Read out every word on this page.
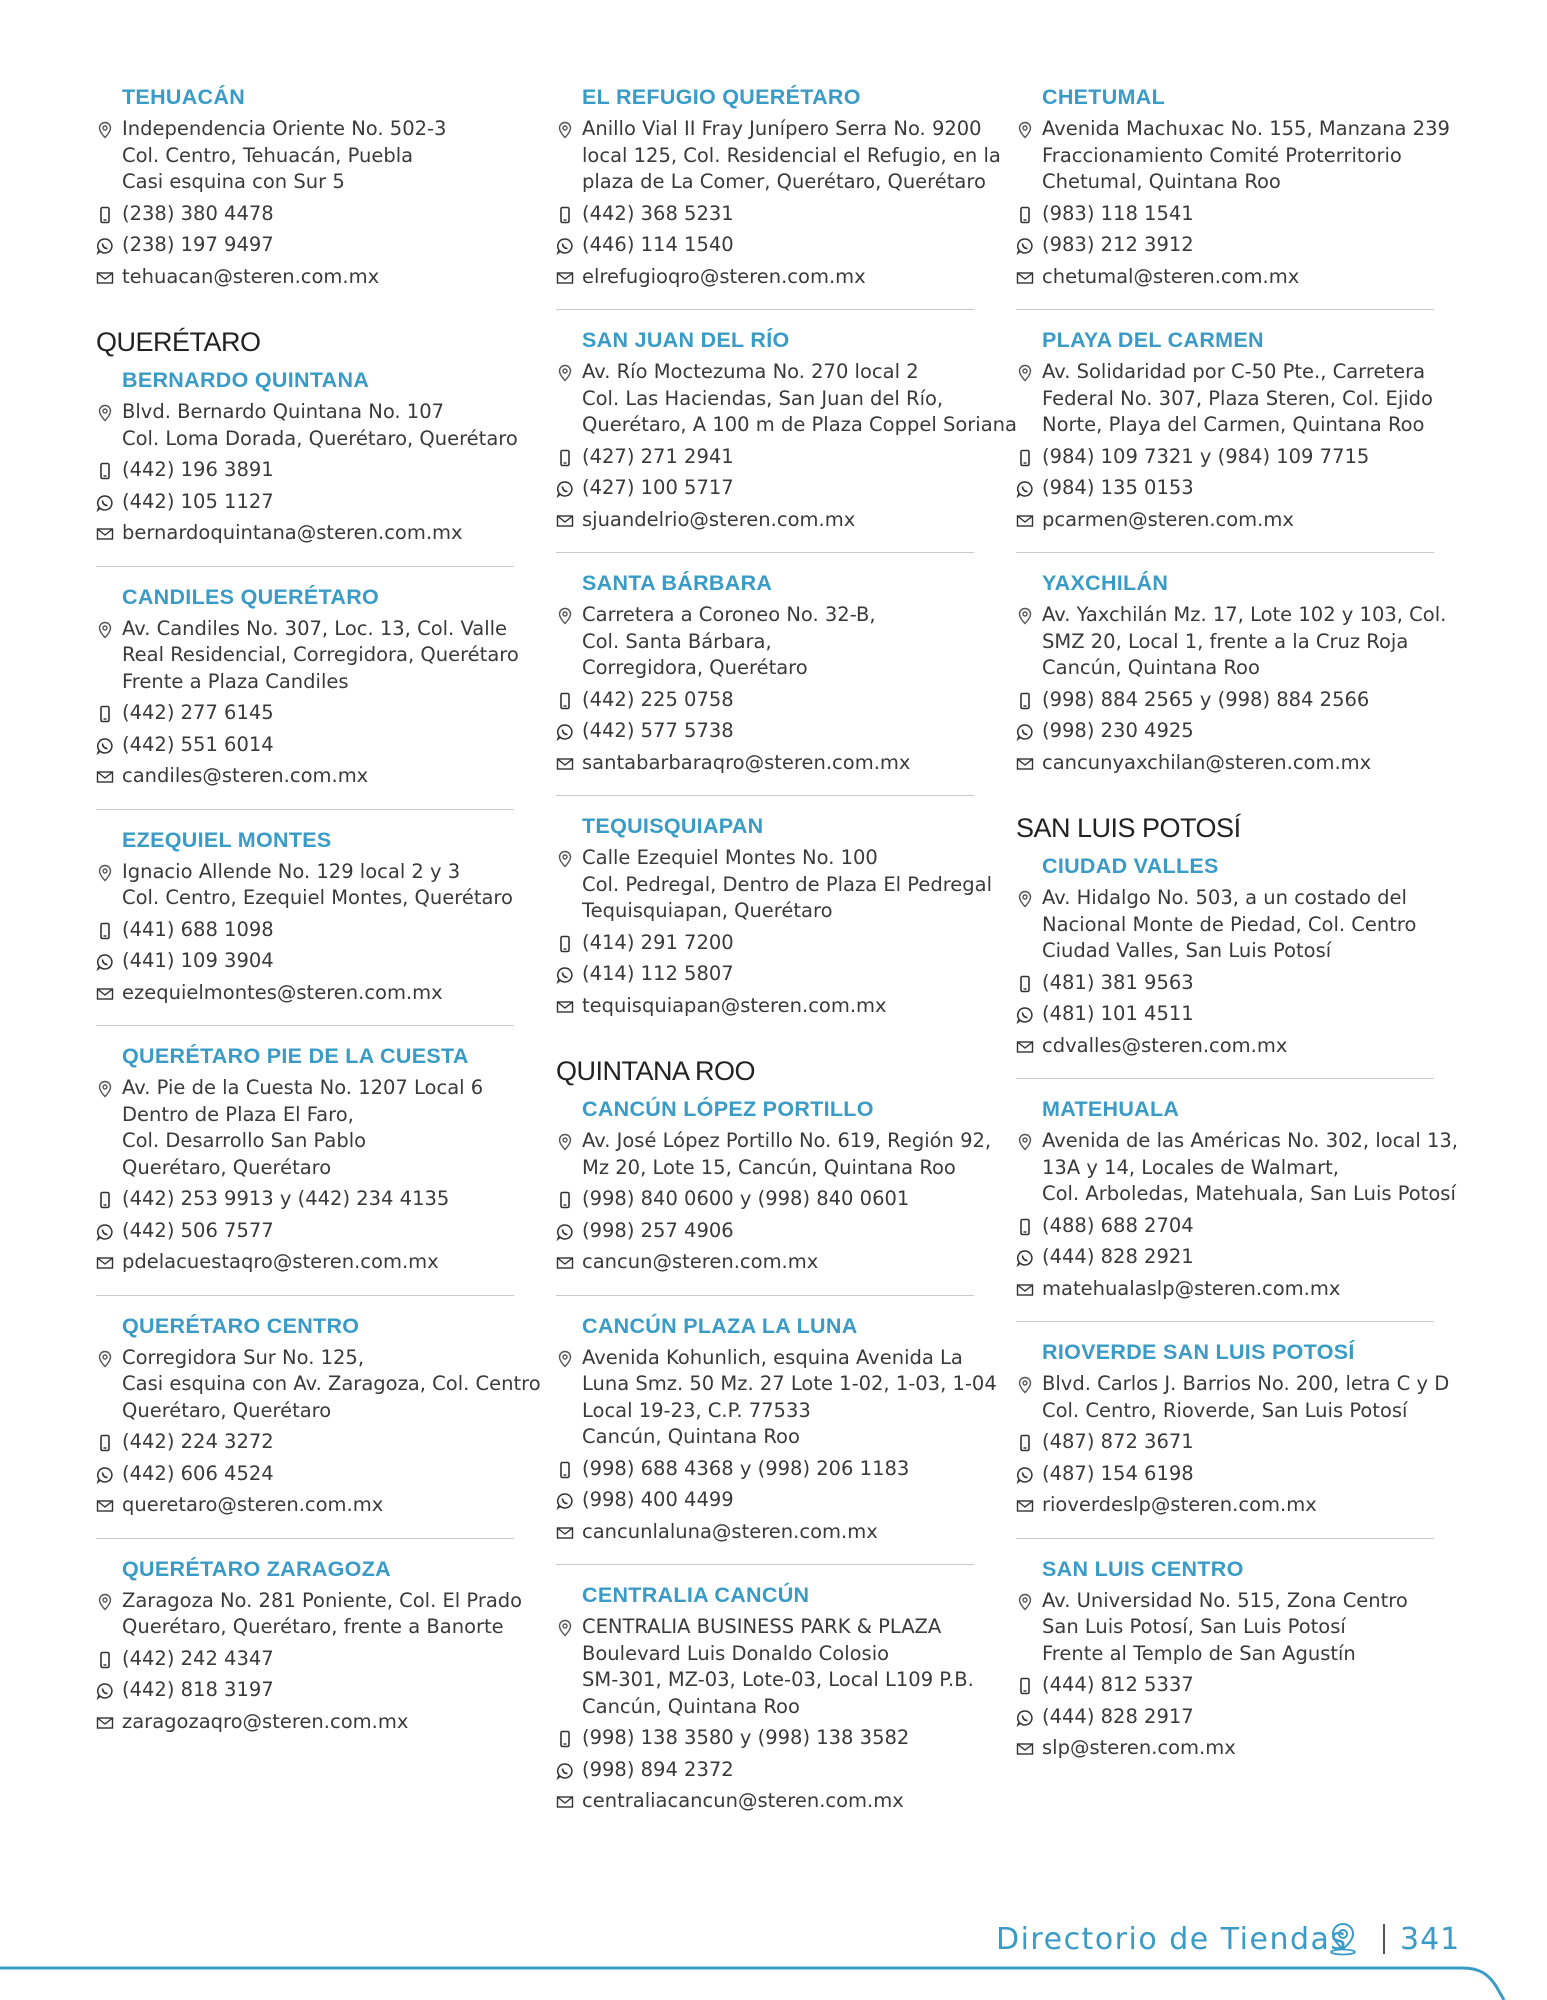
TEHUACÁN
Independencia Oriente No. 502-3
Col. Centro, Tehuacán, Puebla
Casi esquina con Sur 5
(238) 380 4478
(238) 197 9497
tehuacan@steren.com.mx
QUERÉTARO
BERNARDO QUINTANA
Blvd. Bernardo Quintana No. 107
Col. Loma Dorada, Querétaro, Querétaro
(442) 196 3891
(442) 105 1127
bernardoquintana@steren.com.mx
CANDILES QUERÉTARO
Av. Candiles No. 307, Loc. 13, Col. Valle
Real Residencial, Corregidora, Querétaro
Frente a Plaza Candiles
(442) 277 6145
(442) 551 6014
candiles@steren.com.mx
EZEQUIEL MONTES
Ignacio Allende No. 129 local 2 y 3
Col. Centro, Ezequiel Montes, Querétaro
(441) 688 1098
(441) 109 3904
ezequielmontes@steren.com.mx
QUERÉTARO PIE DE LA CUESTA
Av. Pie de la Cuesta No. 1207 Local 6
Dentro de Plaza El Faro,
Col. Desarrollo San Pablo
Querétaro, Querétaro
(442) 253 9913 y (442) 234 4135
(442) 506 7577
pdelacuestaqro@steren.com.mx
QUERÉTARO CENTRO
Corregidora Sur No. 125,
Casi esquina con Av. Zaragoza, Col. Centro
Querétaro, Querétaro
(442) 224 3272
(442) 606 4524
queretaro@steren.com.mx
QUERÉTARO ZARAGOZA
Zaragoza No. 281 Poniente, Col. El Prado
Querétaro, Querétaro, frente a Banorte
(442) 242 4347
(442) 818 3197
zaragozaqro@steren.com.mx
EL REFUGIO QUERÉTARO
Anillo Vial II Fray Junípero Serra No. 9200
local 125, Col. Residencial el Refugio, en la
plaza de La Comer, Querétaro, Querétaro
(442) 368 5231
(446) 114 1540
elrefugioqro@steren.com.mx
SAN JUAN DEL RÍO
Av. Río Moctezuma No. 270 local 2
Col. Las Haciendas, San Juan del Río,
Querétaro, A 100 m de Plaza Coppel Soriana
(427) 271 2941
(427) 100 5717
sjuandelrio@steren.com.mx
SANTA BÁRBARA
Carretera a Coroneo No. 32-B,
Col. Santa Bárbara,
Corregidora, Querétaro
(442) 225 0758
(442) 577 5738
santabarbaraqro@steren.com.mx
TEQUISQUIAPAN
Calle Ezequiel Montes No. 100
Col. Pedregal, Dentro de Plaza El Pedregal
Tequisquiapan, Querétaro
(414) 291 7200
(414) 112 5807
tequisquiapan@steren.com.mx
QUINTANA ROO
CANCÚN LÓPEZ PORTILLO
Av. José López Portillo No. 619, Región 92,
Mz 20, Lote 15, Cancún, Quintana Roo
(998) 840 0600 y (998) 840 0601
(998) 257 4906
cancun@steren.com.mx
CANCÚN PLAZA LA LUNA
Avenida Kohunlich, esquina Avenida La
Luna Smz. 50 Mz. 27 Lote 1-02, 1-03, 1-04
Local 19-23, C.P. 77533
Cancún, Quintana Roo
(998) 688 4368 y (998) 206 1183
(998) 400 4499
cancunlaluna@steren.com.mx
CENTRALIA CANCÚN
CENTRALIA BUSINESS PARK & PLAZA
Boulevard Luis Donaldo Colosio
SM-301, MZ-03, Lote-03, Local L109 P.B.
Cancún, Quintana Roo
(998) 138 3580 y (998) 138 3582
(998) 894 2372
centraliacancun@steren.com.mx
CHETUMAL
Avenida Machuxac No. 155, Manzana 239
Fraccionamiento Comité Proterritorio
Chetumal, Quintana Roo
(983) 118 1541
(983) 212 3912
chetumal@steren.com.mx
PLAYA DEL CARMEN
Av. Solidaridad por C-50 Pte., Carretera
Federal No. 307, Plaza Steren, Col. Ejido
Norte, Playa del Carmen, Quintana Roo
(984) 109 7321 y (984) 109 7715
(984) 135 0153
pcarmen@steren.com.mx
YAXCHILÁN
Av. Yaxchilán Mz. 17, Lote 102 y 103, Col.
SMZ 20, Local 1, frente a la Cruz Roja
Cancún, Quintana Roo
(998) 884 2565 y (998) 884 2566
(998) 230 4925
cancunyaxchilan@steren.com.mx
SAN LUIS POTOSÍ
CIUDAD VALLES
Av. Hidalgo No. 503, a un costado del
Nacional Monte de Piedad, Col. Centro
Ciudad Valles, San Luis Potosí
(481) 381 9563
(481) 101 4511
cdvalles@steren.com.mx
MATEHUALA
Avenida de las Américas No. 302, local 13,
13A y 14, Locales de Walmart,
Col. Arboledas, Matehuala, San Luis Potosí
(488) 688 2704
(444) 828 2921
matehualaslp@steren.com.mx
RIOVERDE SAN LUIS POTOSÍ
Blvd. Carlos J. Barrios No. 200, letra C y D
Col. Centro, Rioverde, San Luis Potosí
(487) 872 3671
(487) 154 6198
rioverdeslp@steren.com.mx
SAN LUIS CENTRO
Av. Universidad No. 515, Zona Centro
San Luis Potosí, San Luis Potosí
Frente al Templo de San Agustín
(444) 812 5337
(444) 828 2917
slp@steren.com.mx
Directorio de Tiendas 341
